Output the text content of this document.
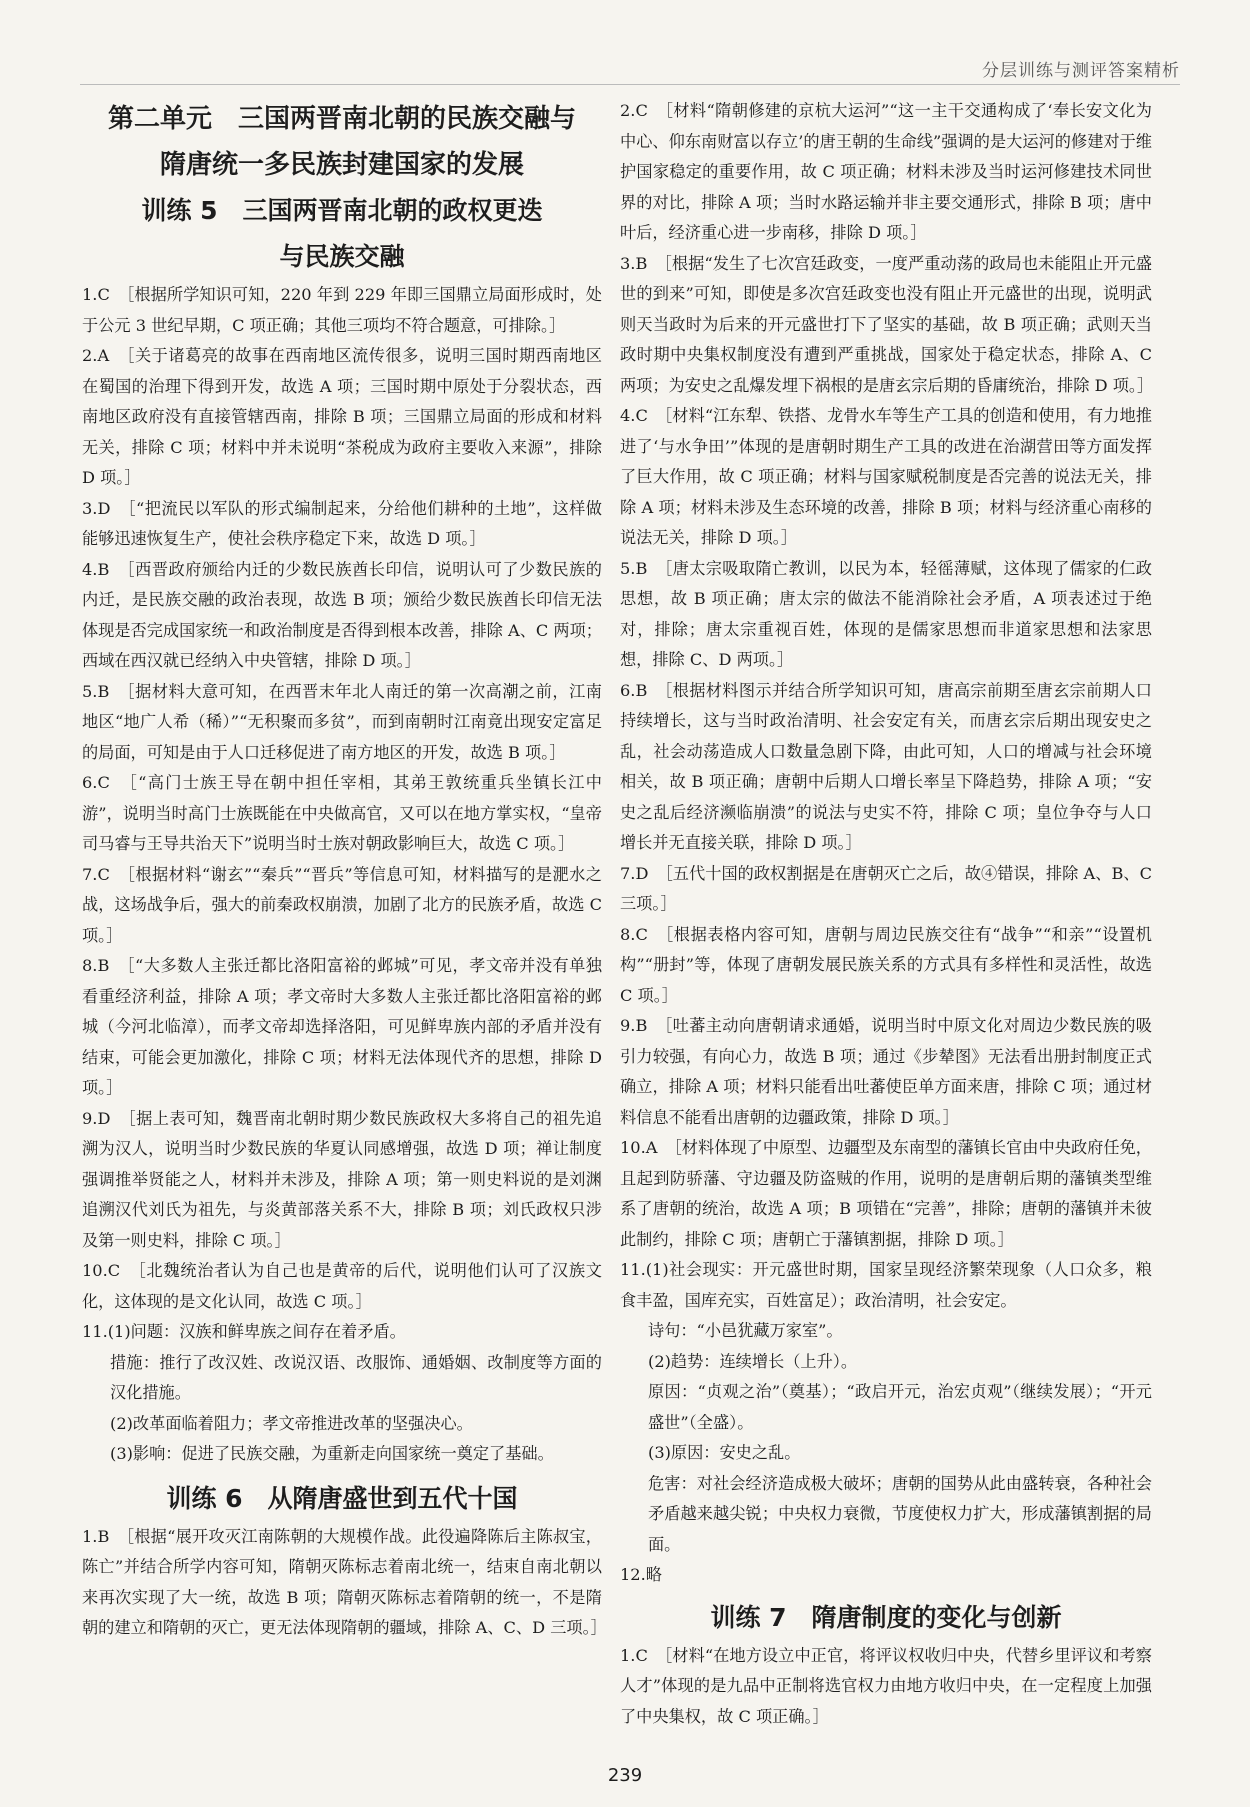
分层训练与测评答案精析

第二单元　三国两晋南北朝的民族交融与

隋唐统一多民族封建国家的发展

训练 5　三国两晋南北朝的政权更迭

与民族交融

1.C　［根据所学知识可知，220 年到 229 年即三国鼎立局面形成时，处于公元 3 世纪早期，C 项正确；其他三项均不符合题意，可排除。］

2.A　［关于诸葛亮的故事在西南地区流传很多，说明三国时期西南地区在蜀国的治理下得到开发，故选 A 项；三国时期中原处于分裂状态，西南地区政府没有直接管辖西南，排除 B 项；三国鼎立局面的形成和材料无关，排除 C 项；材料中并未说明“茶税成为政府主要收入来源”，排除 D 项。］

3.D　［“把流民以军队的形式编制起来，分给他们耕种的土地”，这样做能够迅速恢复生产，使社会秩序稳定下来，故选 D 项。］

4.B　［西晋政府颁给内迁的少数民族酋长印信，说明认可了少数民族的内迁，是民族交融的政治表现，故选 B 项；颁给少数民族酋长印信无法体现是否完成国家统一和政治制度是否得到根本改善，排除 A、C 两项；西域在西汉就已经纳入中央管辖，排除 D 项。］

5.B　［据材料大意可知，在西晋末年北人南迁的第一次高潮之前，江南地区“地广人希（稀）”“无积聚而多贫”，而到南朝时江南竟出现安定富足的局面，可知是由于人口迁移促进了南方地区的开发，故选 B 项。］

6.C　［“高门士族王导在朝中担任宰相，其弟王敦统重兵坐镇长江中游”，说明当时高门士族既能在中央做高官，又可以在地方掌实权，“皇帝司马睿与王导共治天下”说明当时士族对朝政影响巨大，故选 C 项。］

7.C　［根据材料“谢玄”“秦兵”“晋兵”等信息可知，材料描写的是淝水之战，这场战争后，强大的前秦政权崩溃，加剧了北方的民族矛盾，故选 C 项。］

8.B　［“大多数人主张迁都比洛阳富裕的邺城”可见，孝文帝并没有单独看重经济利益，排除 A 项；孝文帝时大多数人主张迁都比洛阳富裕的邺城（今河北临漳），而孝文帝却选择洛阳，可见鲜卑族内部的矛盾并没有结束，可能会更加激化，排除 C 项；材料无法体现代齐的思想，排除 D 项。］

9.D　［据上表可知，魏晋南北朝时期少数民族政权大多将自己的祖先追溯为汉人，说明当时少数民族的华夏认同感增强，故选 D 项；禅让制度强调推举贤能之人，材料并未涉及，排除 A 项；第一则史料说的是刘渊追溯汉代刘氏为祖先，与炎黄部落关系不大，排除 B 项；刘氏政权只涉及第一则史料，排除 C 项。］

10.C　［北魏统治者认为自己也是黄帝的后代，说明他们认可了汉族文化，这体现的是文化认同，故选 C 项。］

11.(1)问题：汉族和鲜卑族之间存在着矛盾。

措施：推行了改汉姓、改说汉语、改服饰、通婚姻、改制度等方面的汉化措施。

(2)改革面临着阻力；孝文帝推进改革的坚强决心。

(3)影响：促进了民族交融，为重新走向国家统一奠定了基础。

训练 6　从隋唐盛世到五代十国

1.B　［根据“展开攻灭江南陈朝的大规模作战。此役遍降陈后主陈叔宝，陈亡”并结合所学内容可知，隋朝灭陈标志着南北统一，结束自南北朝以来再次实现了大一统，故选 B 项；隋朝灭陈标志着隋朝的统一，不是隋朝的建立和隋朝的灭亡，更无法体现隋朝的疆域，排除 A、C、D 三项。］

2.C　［材料“隋朝修建的京杭大运河”“这一主干交通构成了‘奉长安文化为中心、仰东南财富以存立’的唐王朝的生命线”强调的是大运河的修建对于维护国家稳定的重要作用，故 C 项正确；材料未涉及当时运河修建技术同世界的对比，排除 A 项；当时水路运输并非主要交通形式，排除 B 项；唐中叶后，经济重心进一步南移，排除 D 项。］

3.B　［根据“发生了七次宫廷政变，一度严重动荡的政局也未能阻止开元盛世的到来”可知，即使是多次宫廷政变也没有阻止开元盛世的出现，说明武则天当政时为后来的开元盛世打下了坚实的基础，故 B 项正确；武则天当政时期中央集权制度没有遭到严重挑战，国家处于稳定状态，排除 A、C 两项；为安史之乱爆发埋下祸根的是唐玄宗后期的昏庸统治，排除 D 项。］

4.C　［材料“江东犁、铁搭、龙骨水车等生产工具的创造和使用，有力地推进了‘与水争田’”体现的是唐朝时期生产工具的改进在治湖营田等方面发挥了巨大作用，故 C 项正确；材料与国家赋税制度是否完善的说法无关，排除 A 项；材料未涉及生态环境的改善，排除 B 项；材料与经济重心南移的说法无关，排除 D 项。］

5.B　［唐太宗吸取隋亡教训，以民为本，轻徭薄赋，这体现了儒家的仁政思想，故 B 项正确；唐太宗的做法不能消除社会矛盾，A 项表述过于绝对，排除；唐太宗重视百姓，体现的是儒家思想而非道家思想和法家思想，排除 C、D 两项。］

6.B　［根据材料图示并结合所学知识可知，唐高宗前期至唐玄宗前期人口持续增长，这与当时政治清明、社会安定有关，而唐玄宗后期出现安史之乱，社会动荡造成人口数量急剧下降，由此可知，人口的增减与社会环境相关，故 B 项正确；唐朝中后期人口增长率呈下降趋势，排除 A 项；“安史之乱后经济濒临崩溃”的说法与史实不符，排除 C 项；皇位争夺与人口增长并无直接关联，排除 D 项。］

7.D　［五代十国的政权割据是在唐朝灭亡之后，故④错误，排除 A、B、C 三项。］

8.C　［根据表格内容可知，唐朝与周边民族交往有“战争”“和亲”“设置机构”“册封”等，体现了唐朝发展民族关系的方式具有多样性和灵活性，故选 C 项。］

9.B　［吐蕃主动向唐朝请求通婚，说明当时中原文化对周边少数民族的吸引力较强，有向心力，故选 B 项；通过《步辇图》无法看出册封制度正式确立，排除 A 项；材料只能看出吐蕃使臣单方面来唐，排除 C 项；通过材料信息不能看出唐朝的边疆政策，排除 D 项。］

10.A　［材料体现了中原型、边疆型及东南型的藩镇长官由中央政府任免，且起到防骄藩、守边疆及防盗贼的作用，说明的是唐朝后期的藩镇类型维系了唐朝的统治，故选 A 项；B 项错在“完善”，排除；唐朝的藩镇并未彼此制约，排除 C 项；唐朝亡于藩镇割据，排除 D 项。］

11.(1)社会现实：开元盛世时期，国家呈现经济繁荣现象（人口众多，粮食丰盈，国库充实，百姓富足）；政治清明，社会安定。

诗句：“小邑犹藏万家室”。

(2)趋势：连续增长（上升）。

原因：“贞观之治”（奠基）；“政启开元，治宏贞观”（继续发展）；“开元盛世”（全盛）。

(3)原因：安史之乱。

危害：对社会经济造成极大破坏；唐朝的国势从此由盛转衰，各种社会矛盾越来越尖锐；中央权力衰微，节度使权力扩大，形成藩镇割据的局面。

12.略

训练 7　隋唐制度的变化与创新

1.C　［材料“在地方设立中正官，将评议权收归中央，代替乡里评议和考察人才”体现的是九品中正制将选官权力由地方收归中央，在一定程度上加强了中央集权，故 C 项正确。］

239
